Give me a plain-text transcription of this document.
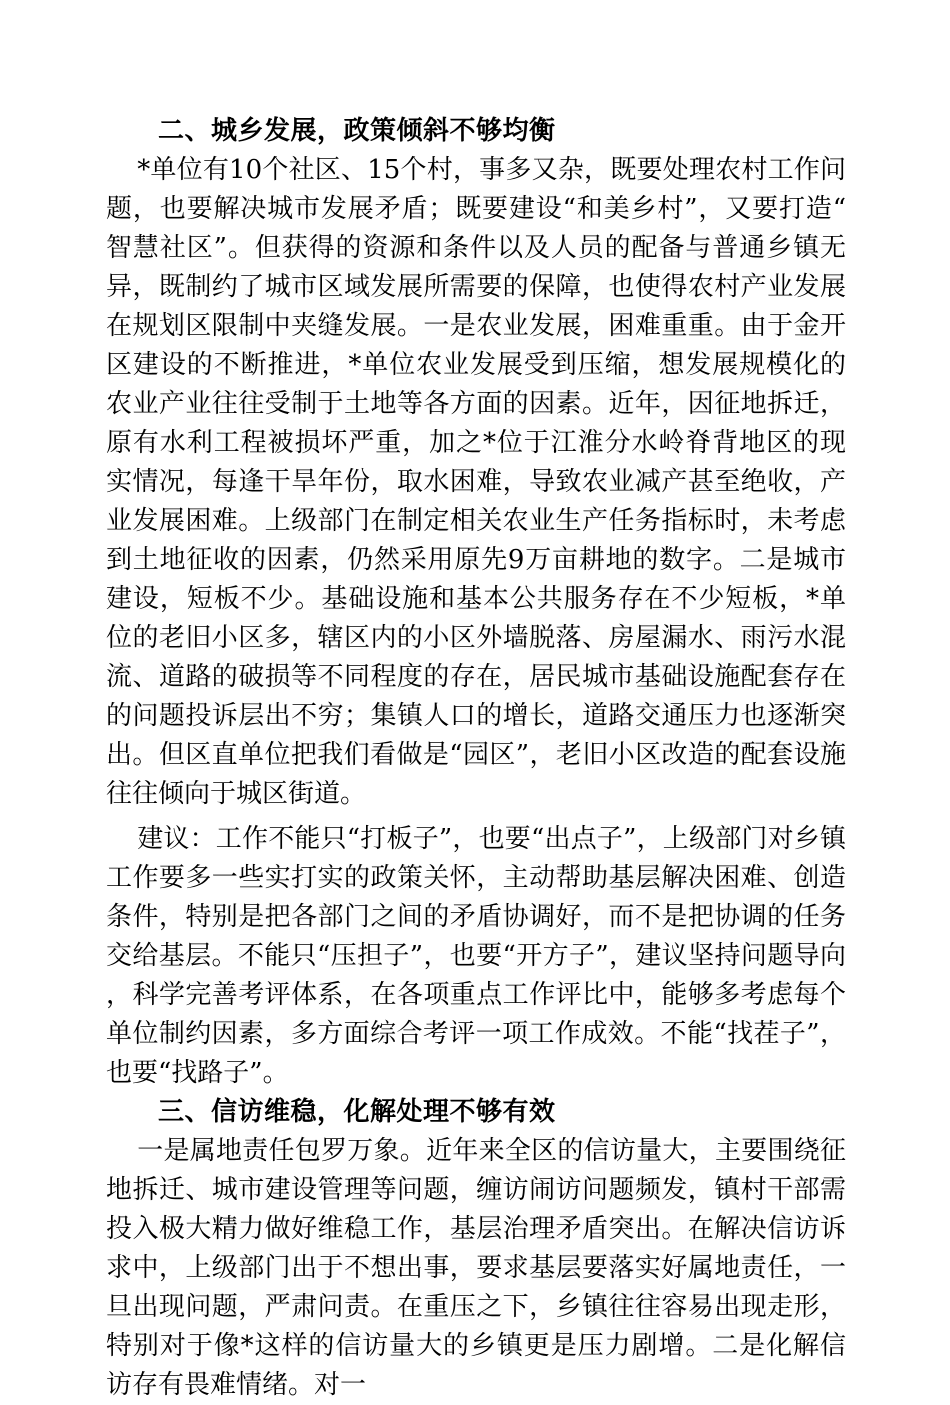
二、城乡发展，政策倾斜不够均衡

*单位有10个社区、15个村，事多又杂，既要处理农村工作问题，也要解决城市发展矛盾；既要建设“和美乡村”，又要打造“智慧社区”。但获得的资源和条件以及人员的配备与普通乡镇无异，既制约了城市区域发展所需要的保障，也使得农村产业发展在规划区限制中夹缝发展。一是农业发展，困难重重。由于金开区建设的不断推进，*单位农业发展受到压缩，想发展规模化的农业产业往往受制于土地等各方面的因素。近年，因征地拆迁，原有水利工程被损坏严重，加之*位于江淮分水岭脊背地区的现实情况，每逢干旱年份，取水困难，导致农业减产甚至绝收，产业发展困难。上级部门在制定相关农业生产任务指标时，未考虑到土地征收的因素，仍然采用原先9万亩耕地的数字。二是城市建设，短板不少。基础设施和基本公共服务存在不少短板，*单位的老旧小区多，辖区内的小区外墙脱落、房屋漏水、雨污水混流、道路的破损等不同程度的存在，居民城市基础设施配套存在的问题投诉层出不穷；集镇人口的增长，道路交通压力也逐渐突出。但区直单位把我们看做是“园区”，老旧小区改造的配套设施往往倾向于城区街道。

建议：工作不能只“打板子”，也要“出点子”，上级部门对乡镇工作要多一些实打实的政策关怀，主动帮助基层解决困难、创造条件，特别是把各部门之间的矛盾协调好，而不是把协调的任务交给基层。不能只“压担子”，也要“开方子”，建议坚持问题导向，科学完善考评体系，在各项重点工作评比中，能够多考虑每个单位制约因素，多方面综合考评一项工作成效。不能“找茬子”，也要“找路子”。

三、信访维稳，化解处理不够有效

一是属地责任包罗万象。近年来全区的信访量大，主要围绕征地拆迁、城市建设管理等问题，缠访闹访问题频发，镇村干部需投入极大精力做好维稳工作，基层治理矛盾突出。在解决信访诉求中，上级部门出于不想出事，要求基层要落实好属地责任，一旦出现问题，严肃问责。在重压之下，乡镇往往容易出现走形，特别对于像*这样的信访量大的乡镇更是压力剧增。二是化解信访存有畏难情绪。对一
